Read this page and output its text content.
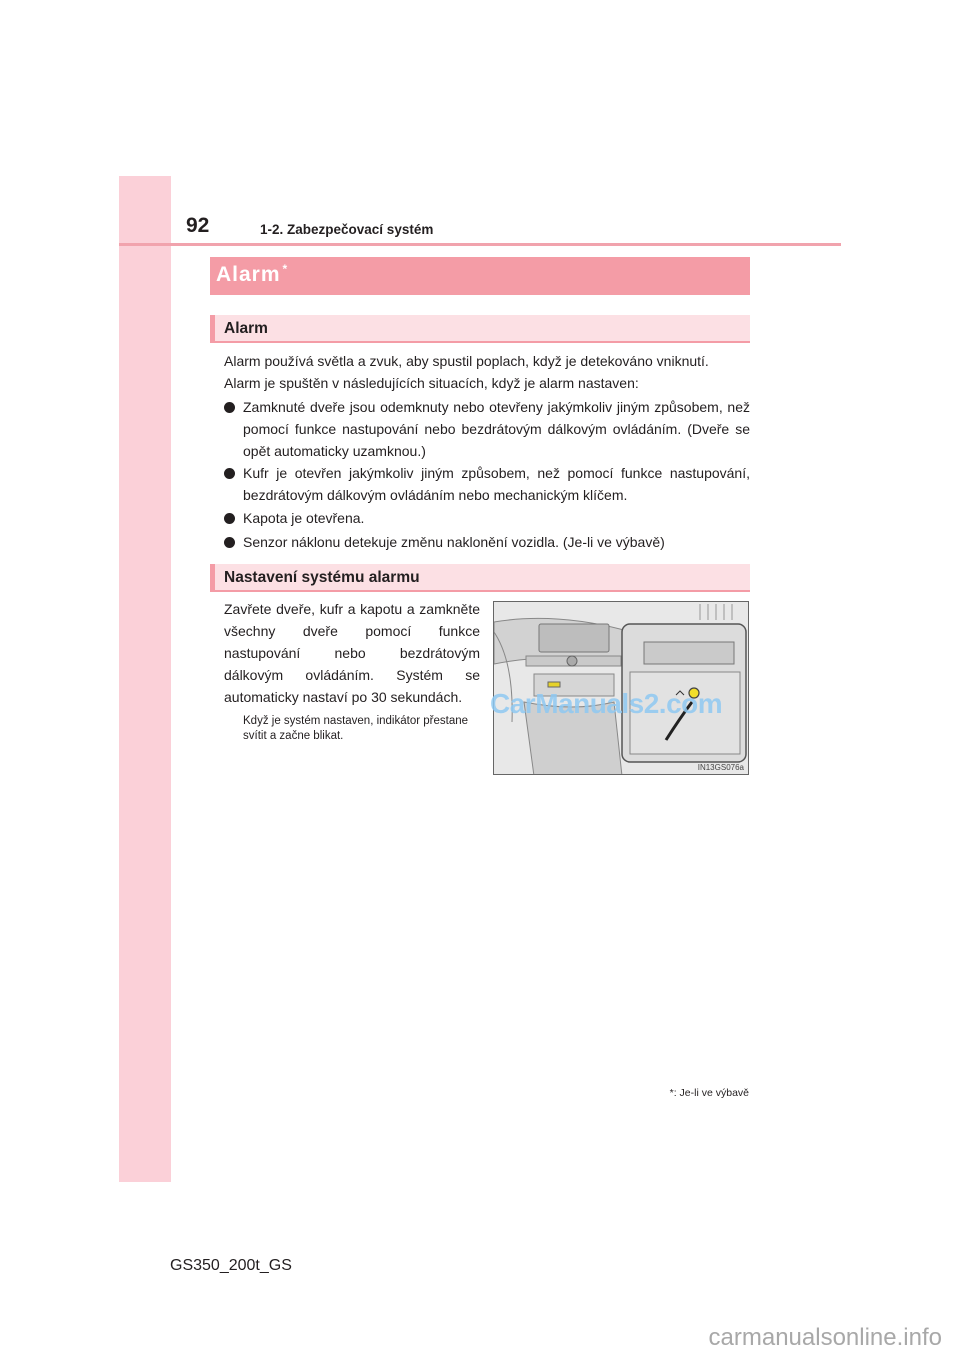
92	1-2. Zabezpečovací systém
Alarm *
Alarm
Alarm používá světla a zvuk, aby spustil poplach, když je detekováno vniknutí.
Alarm je spuštěn v následujících situacích, když je alarm nastaven:
Zamknuté dveře jsou odemknuty nebo otevřeny jakýmkoliv jiným způsobem, než pomocí funkce nastupování nebo bezdrátovým dálkovým ovládáním. (Dveře se opět automaticky uzamknou.)
Kufr je otevřen jakýmkoliv jiným způsobem, než pomocí funkce nastupování, bezdrátovým dálkovým ovládáním nebo mechanickým klíčem.
Kapota je otevřena.
Senzor náklonu detekuje změnu naklonění vozidla. (Je-li ve výbavě)
Nastavení systému alarmu
Zavřete dveře, kufr a kapotu a zamkněte všechny dveře pomocí funkce nastupování nebo bezdrátovým dálkovým ovládáním. Systém se automaticky nastaví po 30 sekundách.
Když je systém nastaven, indikátor přestane svítit a začne blikat.
IN13GS076a
CarManuals2.com
*: Je-li ve výbavě
GS350_200t_GS
carmanualsonline.info
